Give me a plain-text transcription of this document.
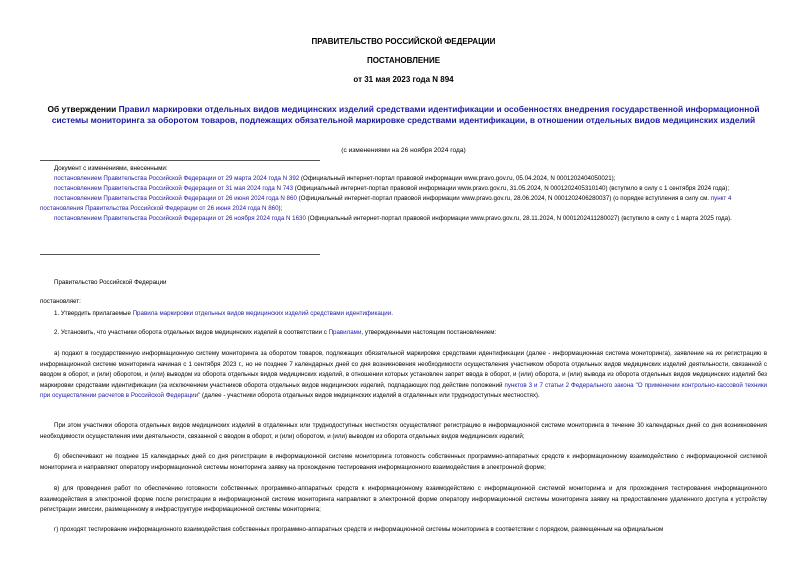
ПРАВИТЕЛЬСТВО РОССИЙСКОЙ ФЕДЕРАЦИИ
ПОСТАНОВЛЕНИЕ
от 31 мая 2023 года N 894
Об утверждении Правил маркировки отдельных видов медицинских изделий средствами идентификации и особенностях внедрения государственной информационной системы мониторинга за оборотом товаров, подлежащих обязательной маркировке средствами идентификации, в отношении отдельных видов медицинских изделий
(с изменениями на 26 ноября 2024 года)

Документ с изменениями, внесенными:

постановлением Правительства Российской Федерации от 29 марта 2024 года N 392 (Официальный интернет-портал правовой информации www.pravo.gov.ru, 05.04.2024, N 0001202404050021);

постановлением Правительства Российской Федерации от 31 мая 2024 года N 743 (Официальный интернет-портал правовой информации www.pravo.gov.ru, 31.05.2024, N 0001202405310140) (вступило в силу с 1 сентября 2024 года);

постановлением Правительства Российской Федерации от 26 июня 2024 года N 860 (Официальный интернет-портал правовой информации www.pravo.gov.ru, 28.06.2024, N 0001202406280037) (о порядке вступления в силу см. пункт 4 постановления Правительства Российской Федерации от 26 июня 2024 года N 860);

постановлением Правительства Российской Федерации от 26 ноября 2024 года N 1630 (Официальный интернет-портал правовой информации www.pravo.gov.ru, 28.11.2024, N 0001202411280027) (вступило в силу с 1 марта 2025 года).

Правительство Российской Федерации

постановляет:

1. Утвердить прилагаемые Правила маркировки отдельных видов медицинских изделий средствами идентификации.

2. Установить, что участники оборота отдельных видов медицинских изделий в соответствии с Правилами, утвержденными настоящим постановлением:

а) подают в государственную информационную систему мониторинга за оборотом товаров, подлежащих обязательной маркировке средствами идентификации (далее - информационная система мониторинга), заявление на их регистрацию в информационной системе мониторинга начиная с 1 сентября 2023 г., но не позднее 7 календарных дней со дня возникновения необходимости осуществления участником оборота отдельных видов медицинских изделий деятельности, связанной с вводом в оборот, и (или) оборотом, и (или) выводом из оборота отдельных видов медицинских изделий, в отношении которых установлен запрет ввода в оборот, и (или) оборота, и (или) вывода из оборота отдельных видов медицинских изделий без маркировки средствами идентификации (за исключением участников оборота отдельных видов медицинских изделий, подпадающих под действие положений пунктов 3 и 7 статьи 2 Федерального закона "О применении контрольно-кассовой техники при осуществлении расчетов в Российской Федерации" (далее - участники оборота отдельных видов медицинских изделий в отдаленных или труднодоступных местностях).

При этом участники оборота отдельных видов медицинских изделий в отдаленных или труднодоступных местностях осуществляют регистрацию в информационной системе мониторинга в течение 30 календарных дней со дня возникновения необходимости осуществления ими деятельности, связанной с вводом в оборот, и (или) оборотом, и (или) выводом из оборота отдельных видов медицинских изделий;

б) обеспечивают не позднее 15 календарных дней со дня регистрации в информационной системе мониторинга готовность собственных программно-аппаратных средств к информационному взаимодействию с информационной системой мониторинга и направляют оператору информационной системы мониторинга заявку на прохождение тестирования информационного взаимодействия в электронной форме;

в) для проведения работ по обеспечению готовности собственных программно-аппаратных средств к информационному взаимодействию с информационной системой мониторинга и для прохождения тестирования информационного взаимодействия в электронной форме после регистрации в информационной системе мониторинга направляют в электронной форме оператору информационной системы мониторинга заявку на предоставление удаленного доступа к устройству регистрации эмиссии, размещенному в инфраструктуре информационной системы мониторинга;

г) проходят тестирование информационного взаимодействия собственных программно-аппаратных средств и информационной системы мониторинга в соответствии с порядком, размещенным на официальном
